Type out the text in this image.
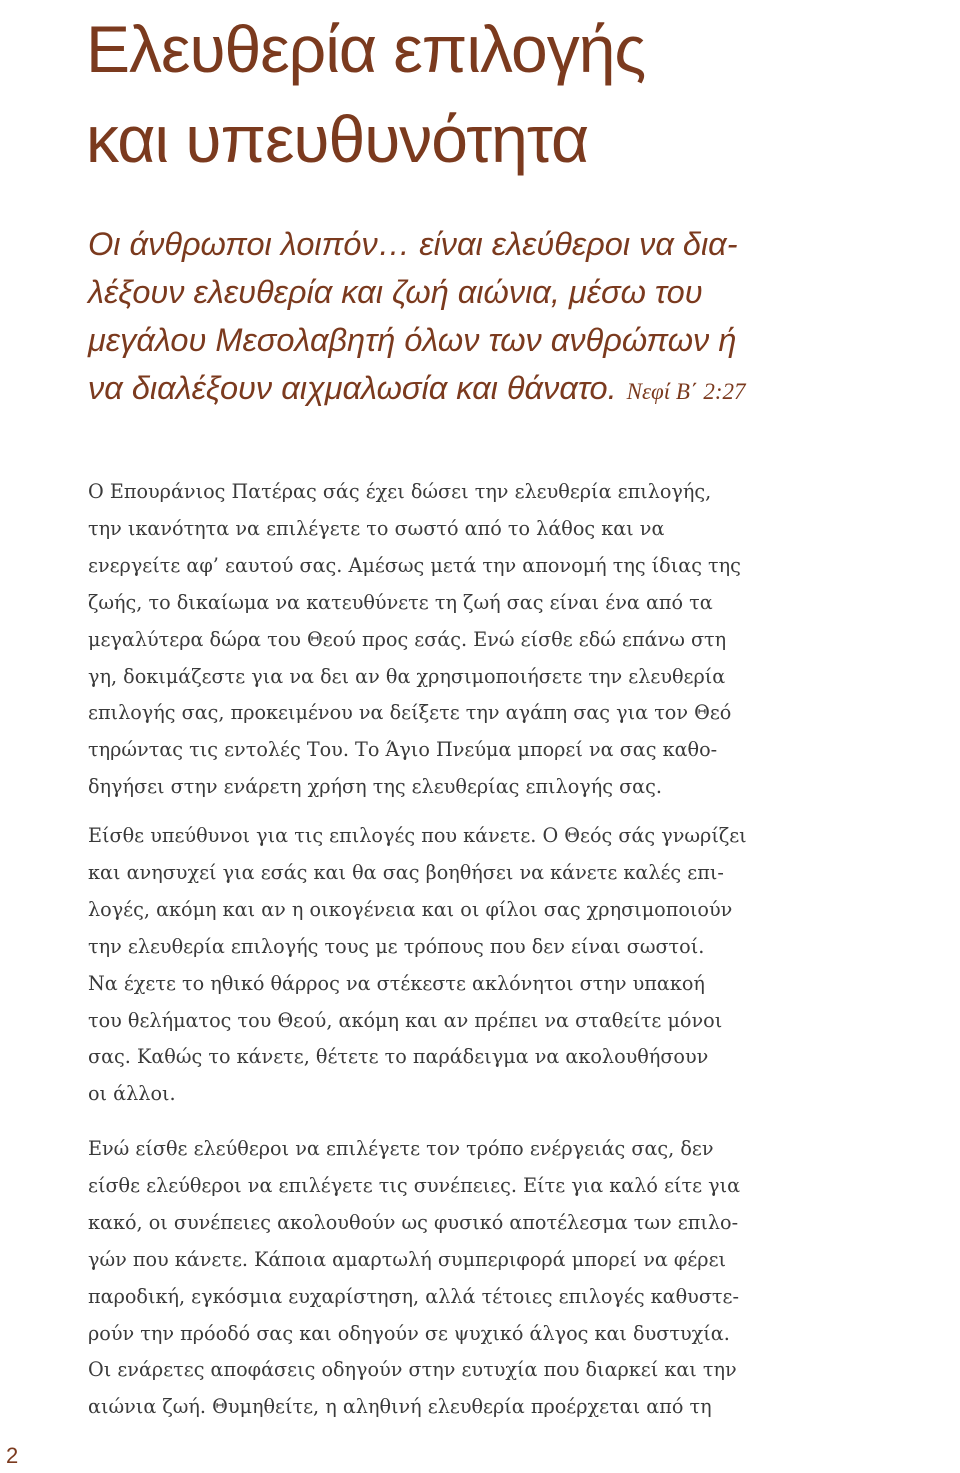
Ελευθερία επιλογής
και υπευθυνότητα
Οι άνθρωποι λοιπόν… είναι ελεύθεροι να δια-
λέξουν ελευθερία και ζωή αιώνια, μέσω του
μεγάλου Μεσολαβητή όλων των ανθρώπων ή
να διαλέξουν αιχμαλωσία και θάνατο. Νεφί Β΄ 2:27
Ο Επουράνιος Πατέρας σάς έχει δώσει την ελευθερία επιλογής,
την ικανότητα να επιλέγετε το σωστό από το λάθος και να
ενεργείτε αφ’ εαυτού σας. Αμέσως μετά την απονομή της ίδιας της
ζωής, το δικαίωμα να κατευθύνετε τη ζωή σας είναι ένα από τα
μεγαλύτερα δώρα του Θεού προς εσάς. Ενώ είσθε εδώ επάνω στη
γη, δοκιμάζεστε για να δει αν θα χρησιμοποιήσετε την ελευθερία
επιλογής σας, προκειμένου να δείξετε την αγάπη σας για τον Θεό
τηρώντας τις εντολές Του. Το Άγιο Πνεύμα μπορεί να σας καθο-
δηγήσει στην ενάρετη χρήση της ελευθερίας επιλογής σας.
Είσθε υπεύθυνοι για τις επιλογές που κάνετε. Ο Θεός σάς γνωρίζει
και ανησυχεί για εσάς και θα σας βοηθήσει να κάνετε καλές επι-
λογές, ακόμη και αν η οικογένεια και οι φίλοι σας χρησιμοποιούν
την ελευθερία επιλογής τους με τρόπους που δεν είναι σωστοί.
Να έχετε το ηθικό θάρρος να στέκεστε ακλόνητοι στην υπακοή
του θελήματος του Θεού, ακόμη και αν πρέπει να σταθείτε μόνοι
σας. Καθώς το κάνετε, θέτετε το παράδειγμα να ακολουθήσουν
οι άλλοι.
Ενώ είσθε ελεύθεροι να επιλέγετε τον τρόπο ενέργειάς σας, δεν
είσθε ελεύθεροι να επιλέγετε τις συνέπειες. Είτε για καλό είτε για
κακό, οι συνέπειες ακολουθούν ως φυσικό αποτέλεσμα των επιλο-
γών που κάνετε. Κάποια αμαρτωλή συμπεριφορά μπορεί να φέρει
παροδική, εγκόσμια ευχαρίστηση, αλλά τέτοιες επιλογές καθυστε-
ρούν την πρόοδό σας και οδηγούν σε ψυχικό άλγος και δυστυχία.
Οι ενάρετες αποφάσεις οδηγούν στην ευτυχία που διαρκεί και την
αιώνια ζωή. Θυμηθείτε, η αληθινή ελευθερία προέρχεται από τη
2
